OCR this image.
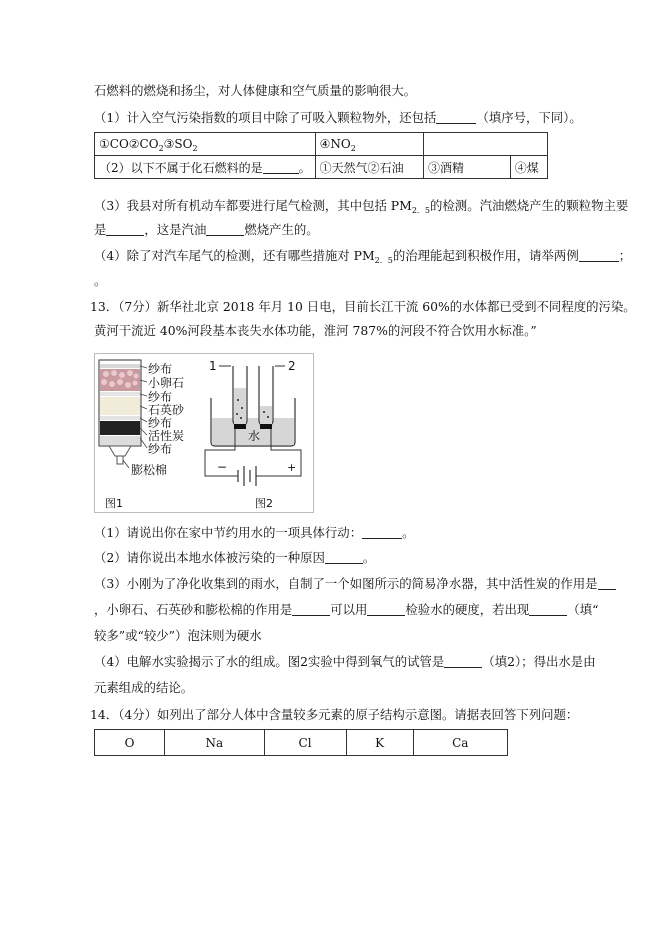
石燃料的燃烧和扬尘，对人体健康和空气质量的影响很大。
（1）计入空气污染指数的项目中除了可吸入颗粒物外，还包括	（填序号，下同）。
$①CO②CO_2③SO_2$	$④NO_2$	
（2）以下不属于化石燃料的是 。	①天然气②石油	③酒精	④煤
（3）我县对所有机动车都要进行尾气检测，其中包括 $PM_{2.5}$的检测。汽油燃烧产生的颗粒物主要
是	，这是汽油	燃烧产生的。
（4）除了对汽车尾气的检测，还有哪些措施对 $PM_{2.5}$的治理能起到积极作用，请举两例	；
。
13．（7分）新华社北京 2018 年月 10 日电，目前长江干流 60%的水体都已受到不同程度的污染。
黄河干流近 40%河段基本丧失水体功能，淮河 787%的河段不符合饮用水标准。”
纱布
小卵石
纱布
石英砂
纱布
活性炭
纱布
膨松棉
图1
1	2
水
−	+
图2
（1）请说出你在家中节约用水的一项具体行动：	。
（2）请你说出本地水体被污染的一种原因	。
（3）小刚为了净化收集到的雨水，自制了一个如图所示的简易净水器，其中活性炭的作用是
，小卵石、石英砂和膨松棉的作用是	可以用	检验水的硬度，若出现	（填“
较多”或“较少”）泡沫则为硬水
（4）电解水实验揭示了水的组成。图2实验中得到氧气的试管是	（填2）；得出水是由
元素组成的结论。
14．（4分）如列出了部分人体中含量较多元素的原子结构示意图。请据表回答下列问题：
O	Na	Cl	K	Ca
